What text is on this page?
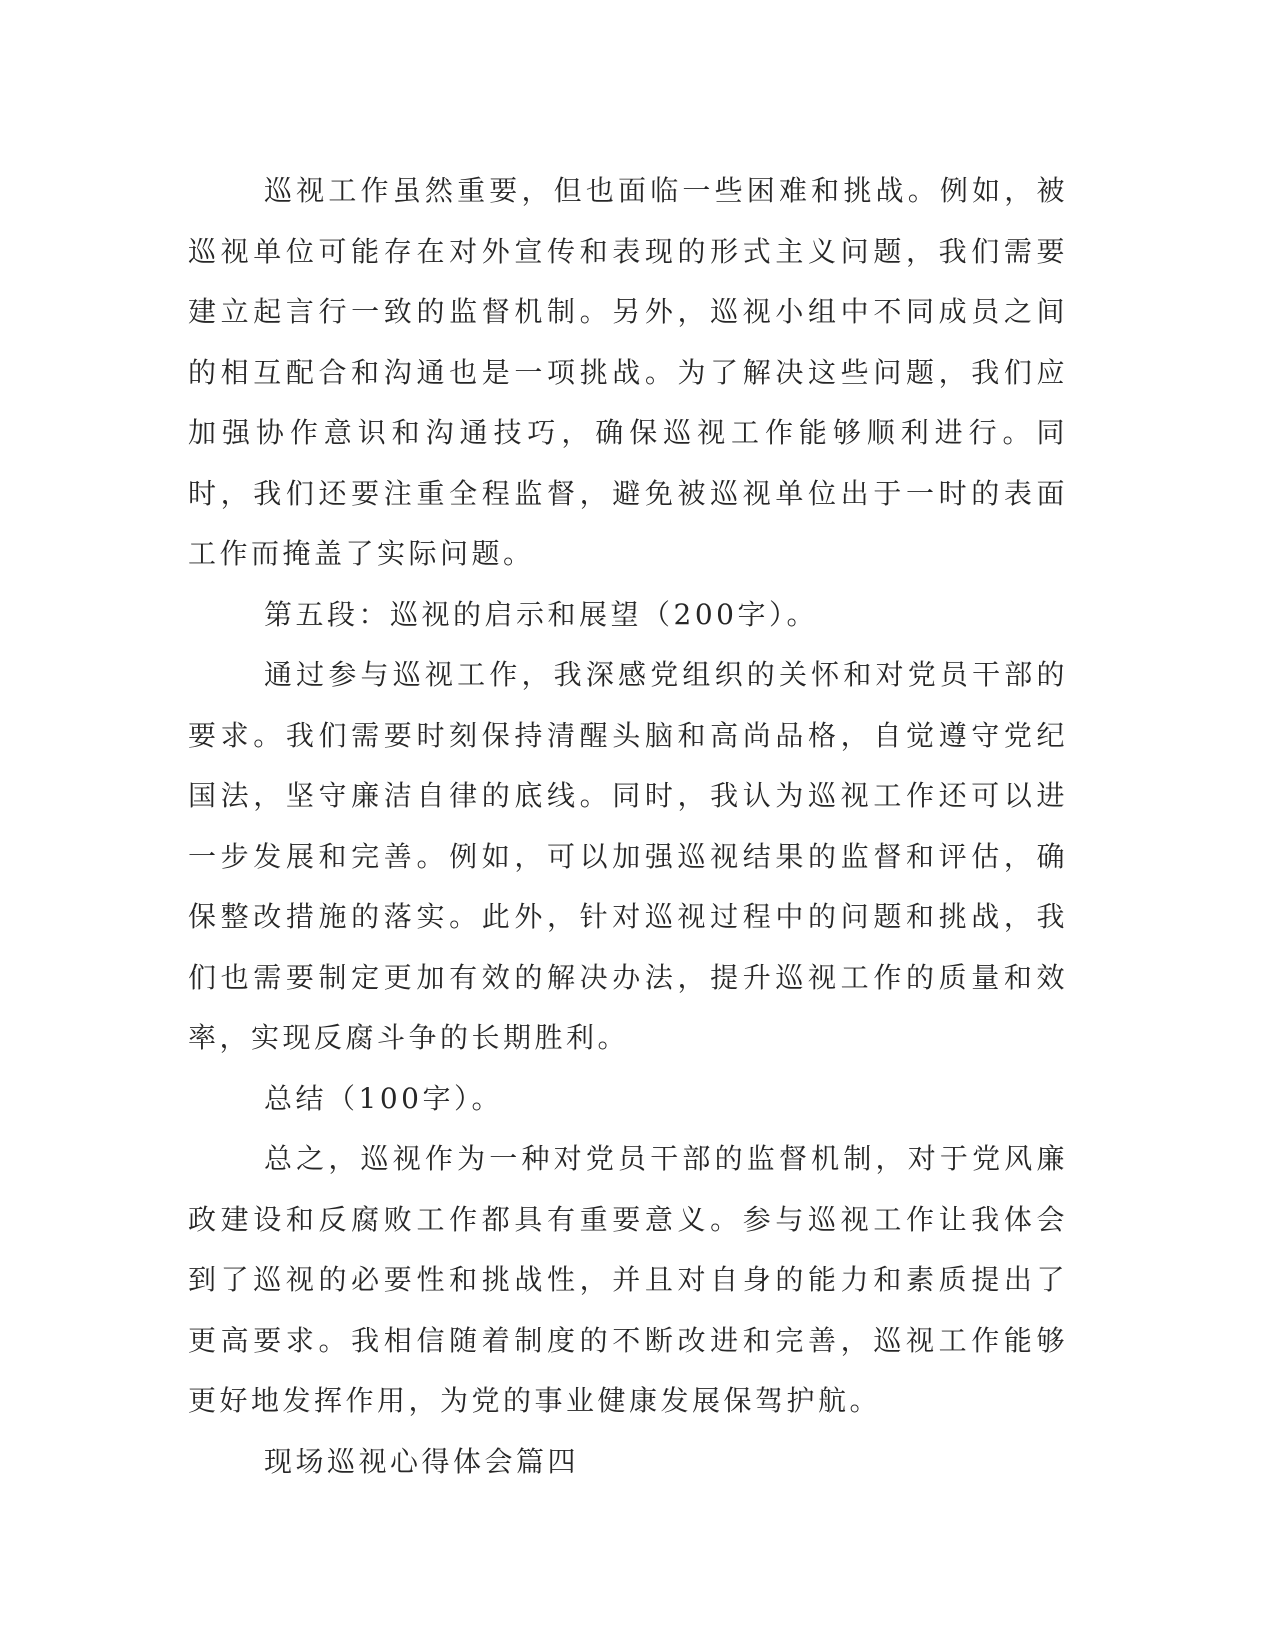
巡视工作虽然重要，但也面临一些困难和挑战。例如，被巡视单位可能存在对外宣传和表现的形式主义问题，我们需要建立起言行一致的监督机制。另外，巡视小组中不同成员之间的相互配合和沟通也是一项挑战。为了解决这些问题，我们应加强协作意识和沟通技巧，确保巡视工作能够顺利进行。同时，我们还要注重全程监督，避免被巡视单位出于一时的表面工作而掩盖了实际问题。

第五段：巡视的启示和展望（200字）。

通过参与巡视工作，我深感党组织的关怀和对党员干部的要求。我们需要时刻保持清醒头脑和高尚品格，自觉遵守党纪国法，坚守廉洁自律的底线。同时，我认为巡视工作还可以进一步发展和完善。例如，可以加强巡视结果的监督和评估，确保整改措施的落实。此外，针对巡视过程中的问题和挑战，我们也需要制定更加有效的解决办法，提升巡视工作的质量和效率，实现反腐斗争的长期胜利。

总结（100字）。

总之，巡视作为一种对党员干部的监督机制，对于党风廉政建设和反腐败工作都具有重要意义。参与巡视工作让我体会到了巡视的必要性和挑战性，并且对自身的能力和素质提出了更高要求。我相信随着制度的不断改进和完善，巡视工作能够更好地发挥作用，为党的事业健康发展保驾护航。

现场巡视心得体会篇四
